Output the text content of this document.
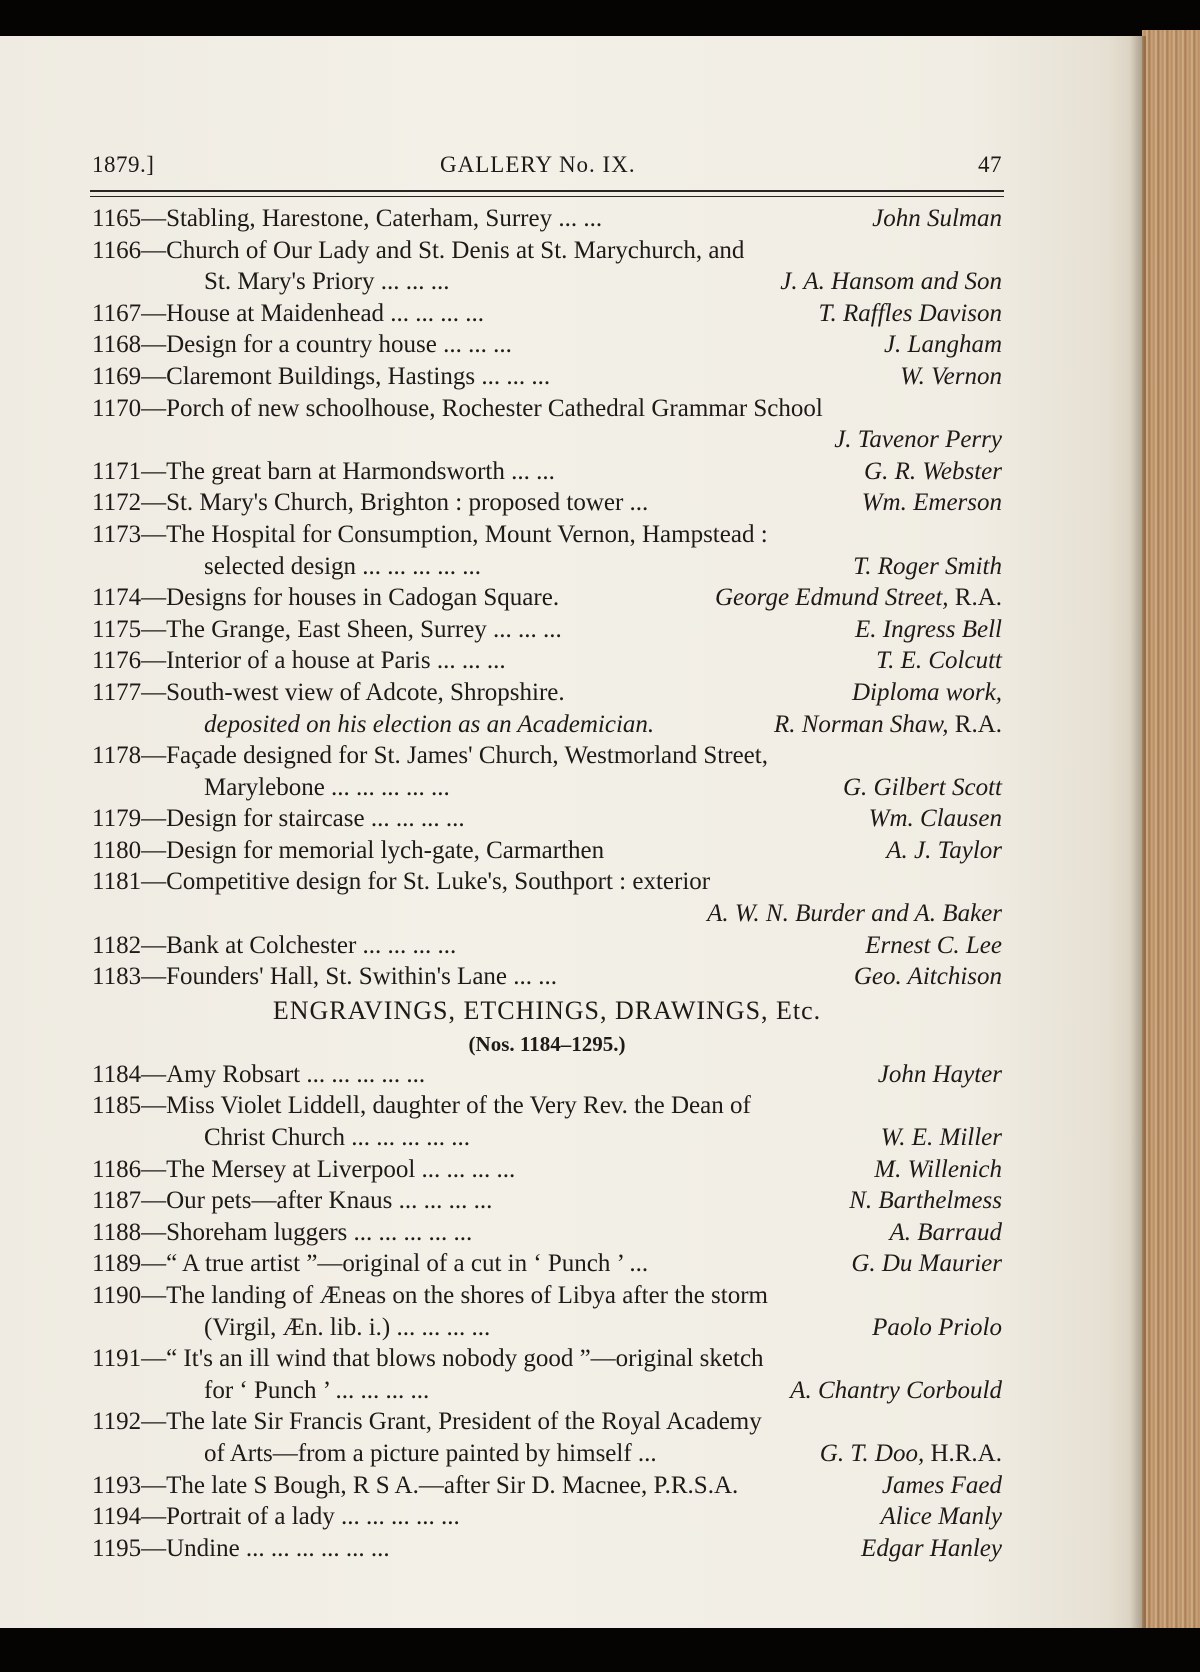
1879.]	GALLERY No. IX.	47
1165—Stabling, Harestone, Caterham, Surrey ... ...	John Sulman
1166—Church of Our Lady and St. Denis at St. Marychurch, and
St. Mary's Priory ... ... ...	J. A. Hansom and Son
1167—House at Maidenhead ... ... ... ...	T. Raffles Davison
1168—Design for a country house ... ... ...	J. Langham
1169—Claremont Buildings, Hastings ... ... ...	W. Vernon
1170—Porch of new schoolhouse, Rochester Cathedral Grammar School
J. Tavenor Perry
1171—The great barn at Harmondsworth ... ...	G. R. Webster
1172—St. Mary's Church, Brighton : proposed tower ...	Wm. Emerson
1173—The Hospital for Consumption, Mount Vernon, Hampstead :
selected design ... ... ... ... ...	T. Roger Smith
1174—Designs for houses in Cadogan Square.	George Edmund Street, R.A.
1175—The Grange, East Sheen, Surrey ... ... ...	E. Ingress Bell
1176—Interior of a house at Paris ... ... ...	T. E. Colcutt
1177—South-west view of Adcote, Shropshire.	Diploma work,
deposited on his election as an Academician.	R. Norman Shaw, R.A.
1178—Façade designed for St. James' Church, Westmorland Street,
Marylebone ... ... ... ... ...	G. Gilbert Scott
1179—Design for staircase ... ... ... ...	Wm. Clausen
1180—Design for memorial lych-gate, Carmarthen	A. J. Taylor
1181—Competitive design for St. Luke's, Southport : exterior
A. W. N. Burder and A. Baker
1182—Bank at Colchester ... ... ... ...	Ernest C. Lee
1183—Founders' Hall, St. Swithin's Lane ... ...	Geo. Aitchison
ENGRAVINGS, ETCHINGS, DRAWINGS, Etc.
(Nos. 1184–1295.)
1184—Amy Robsart ... ... ... ... ...	John Hayter
1185—Miss Violet Liddell, daughter of the Very Rev. the Dean of
Christ Church ... ... ... ... ...	W. E. Miller
1186—The Mersey at Liverpool ... ... ... ...	M. Willenich
1187—Our pets—after Knaus ... ... ... ...	N. Barthelmess
1188—Shoreham luggers ... ... ... ... ...	A. Barraud
1189—“ A true artist ”—original of a cut in ‘ Punch ’ ...	G. Du Maurier
1190—The landing of Æneas on the shores of Libya after the storm
(Virgil, Æn. lib. i.) ... ... ... ...	Paolo Priolo
1191—“ It's an ill wind that blows nobody good ”—original sketch
for ‘ Punch ’ ... ... ... ...	A. Chantry Corbould
1192—The late Sir Francis Grant, President of the Royal Academy
of Arts—from a picture painted by himself ...	G. T. Doo, H.R.A.
1193—The late S Bough, R S A.—after Sir D. Macnee, P.R.S.A.	James Faed
1194—Portrait of a lady ... ... ... ... ...	Alice Manly
1195—Undine ... ... ... ... ... ...	Edgar Hanley
